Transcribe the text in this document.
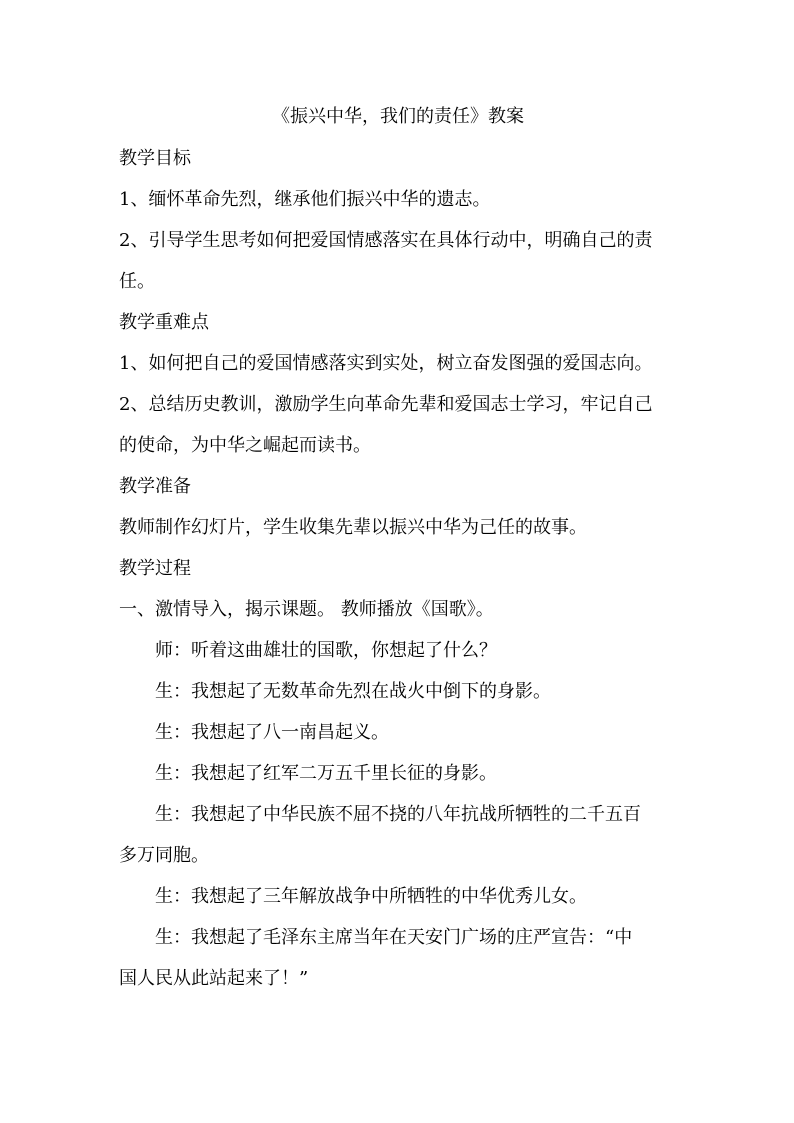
《振兴中华，我们的责任》教案

教学目标

1、缅怀革命先烈，继承他们振兴中华的遗志。

2、引导学生思考如何把爱国情感落实在具体行动中，明确自己的责

任。

教学重难点

1、如何把自己的爱国情感落实到实处，树立奋发图强的爱国志向。

2、总结历史教训，激励学生向革命先辈和爱国志士学习，牢记自己

的使命，为中华之崛起而读书。

教学准备

教师制作幻灯片，学生收集先辈以振兴中华为己任的故事。

教学过程

一、激情导入，揭示课题。 教师播放《国歌》。

师：听着这曲雄壮的国歌，你想起了什么？

生：我想起了无数革命先烈在战火中倒下的身影。

生：我想起了八一南昌起义。

生：我想起了红军二万五千里长征的身影。

生：我想起了中华民族不屈不挠的八年抗战所牺牲的二千五百

多万同胞。

生：我想起了三年解放战争中所牺牲的中华优秀儿女。

生：我想起了毛泽东主席当年在天安门广场的庄严宣告：“中

国人民从此站起来了！”
